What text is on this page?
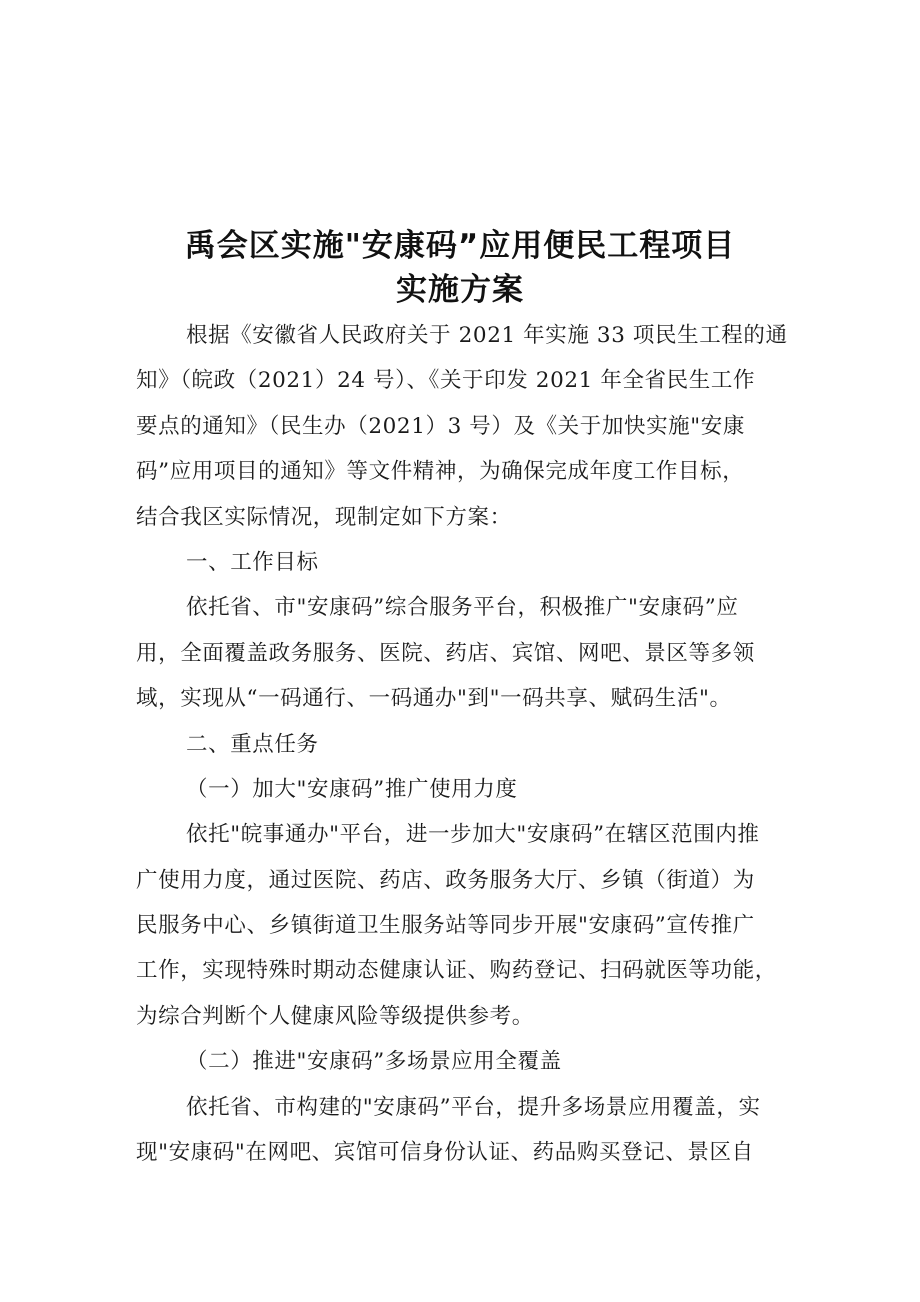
禹会区实施"安康码”应用便民工程项目
实施方案
根据《安徽省人民政府关于 2021 年实施 33 项民生工程的通
知》（皖政（2021）24 号）、《关于印发 2021 年全省民生工作
要点的通知》（民生办（2021）3 号）及《关于加快实施"安康
码”应用项目的通知》等文件精神，为确保完成年度工作目标，
结合我区实际情况，现制定如下方案：
一、工作目标
依托省、市"安康码”综合服务平台，积极推广"安康码”应
用，全面覆盖政务服务、医院、药店、宾馆、网吧、景区等多领
域，实现从“一码通行、一码通办"到"一码共享、赋码生活"。
二、重点任务
（一）加大"安康码”推广使用力度
依托"皖事通办"平台，进一步加大"安康码”在辖区范围内推
广使用力度，通过医院、药店、政务服务大厅、乡镇（街道）为
民服务中心、乡镇街道卫生服务站等同步开展"安康码”宣传推广
工作，实现特殊时期动态健康认证、购药登记、扫码就医等功能，
为综合判断个人健康风险等级提供参考。
（二）推进"安康码”多场景应用全覆盖
依托省、市构建的"安康码”平台，提升多场景应用覆盖，实
现"安康码"在网吧、宾馆可信身份认证、药品购买登记、景区自
